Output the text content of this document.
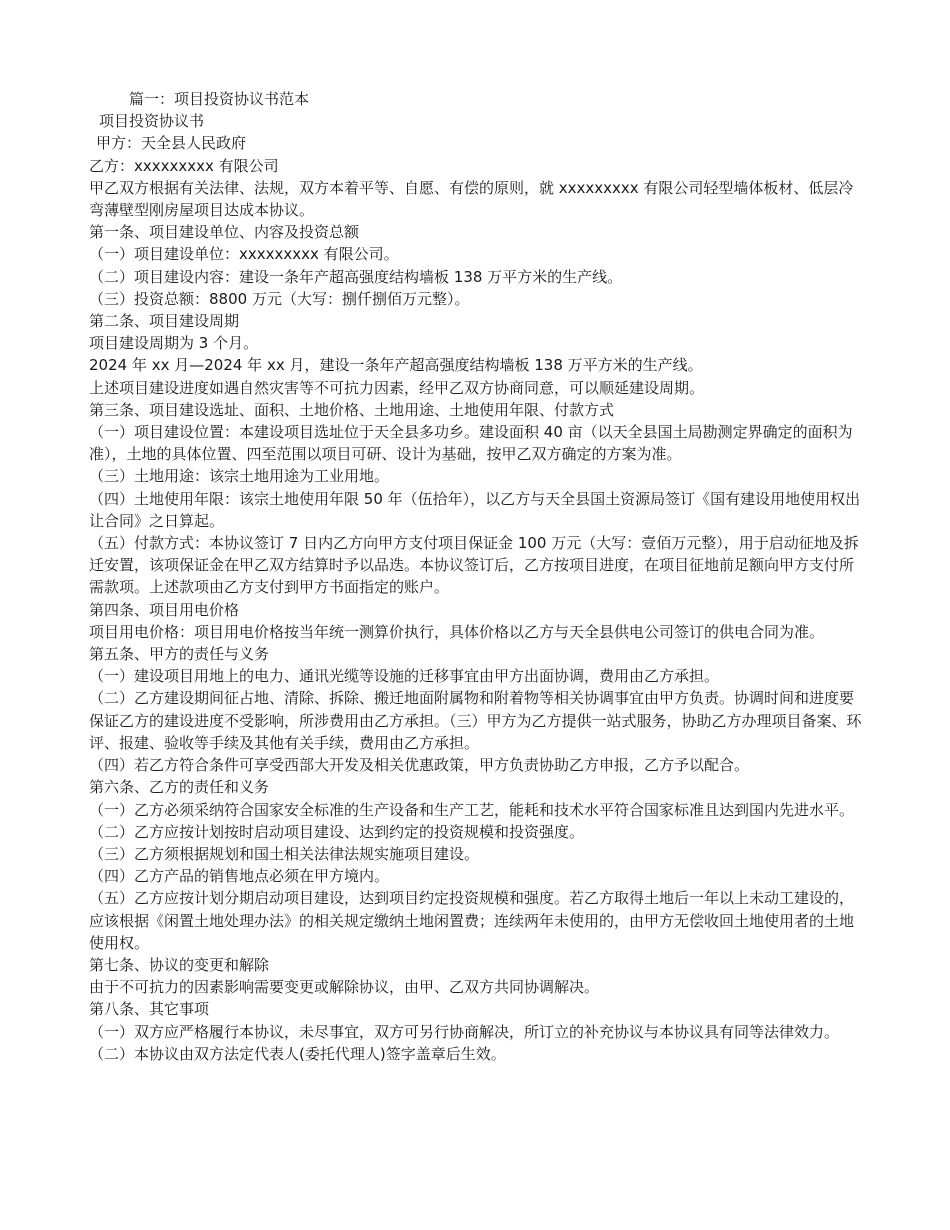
篇一：项目投资协议书范本

项目投资协议书

甲方：天全县人民政府

乙方：xxxxxxxxx 有限公司

甲乙双方根据有关法律、法规，双方本着平等、自愿、有偿的原则，就 xxxxxxxxx 有限公司轻型墙体板材、低层冷弯薄壁型刚房屋项目达成本协议。

第一条、项目建设单位、内容及投资总额

（一）项目建设单位：xxxxxxxxx 有限公司。

（二）项目建设内容：建设一条年产超高强度结构墙板 138 万平方米的生产线。

（三）投资总额：8800 万元（大写：捌仟捌佰万元整）。

第二条、项目建设周期

项目建设周期为 3 个月。

2024 年 xx 月—2024 年 xx 月，建设一条年产超高强度结构墙板 138 万平方米的生产线。

上述项目建设进度如遇自然灾害等不可抗力因素，经甲乙双方协商同意，可以顺延建设周期。

第三条、项目建设选址、面积、土地价格、土地用途、土地使用年限、付款方式

（一）项目建设位置：本建设项目选址位于天全县多功乡。建设面积 40 亩（以天全县国土局勘测定界确定的面积为准），土地的具体位置、四至范围以项目可研、设计为基础，按甲乙双方确定的方案为准。

（三）土地用途：该宗土地用途为工业用地。

（四）土地使用年限：该宗土地使用年限 50 年（伍拾年），以乙方与天全县国土资源局签订《国有建设用地使用权出让合同》之日算起。

（五）付款方式：本协议签订 7 日内乙方向甲方支付项目保证金 100 万元（大写：壹佰万元整），用于启动征地及拆迁安置，该项保证金在甲乙双方结算时予以品迭。本协议签订后，乙方按项目进度，在项目征地前足额向甲方支付所需款项。上述款项由乙方支付到甲方书面指定的账户。

第四条、项目用电价格

项目用电价格：项目用电价格按当年统一测算价执行，具体价格以乙方与天全县供电公司签订的供电合同为准。

第五条、甲方的责任与义务

（一）建设项目用地上的电力、通讯光缆等设施的迁移事宜由甲方出面协调，费用由乙方承担。

（二）乙方建设期间征占地、清除、拆除、搬迁地面附属物和附着物等相关协调事宜由甲方负责。协调时间和进度要保证乙方的建设进度不受影响，所涉费用由乙方承担。（三）甲方为乙方提供一站式服务，协助乙方办理项目备案、环评、报建、验收等手续及其他有关手续，费用由乙方承担。

（四）若乙方符合条件可享受西部大开发及相关优惠政策，甲方负责协助乙方申报，乙方予以配合。

第六条、乙方的责任和义务

（一）乙方必须采纳符合国家安全标准的生产设备和生产工艺，能耗和技术水平符合国家标准且达到国内先进水平。

（二）乙方应按计划按时启动项目建设、达到约定的投资规模和投资强度。

（三）乙方须根据规划和国土相关法律法规实施项目建设。

（四）乙方产品的销售地点必须在甲方境内。

（五）乙方应按计划分期启动项目建设，达到项目约定投资规模和强度。若乙方取得土地后一年以上未动工建设的，应该根据《闲置土地处理办法》的相关规定缴纳土地闲置费；连续两年未使用的，由甲方无偿收回土地使用者的土地使用权。

第七条、协议的变更和解除

由于不可抗力的因素影响需要变更或解除协议，由甲、乙双方共同协调解决。

第八条、其它事项

（一）双方应严格履行本协议，未尽事宜，双方可另行协商解决，所订立的补充协议与本协议具有同等法律效力。

（二）本协议由双方法定代表人(委托代理人)签字盖章后生效。
